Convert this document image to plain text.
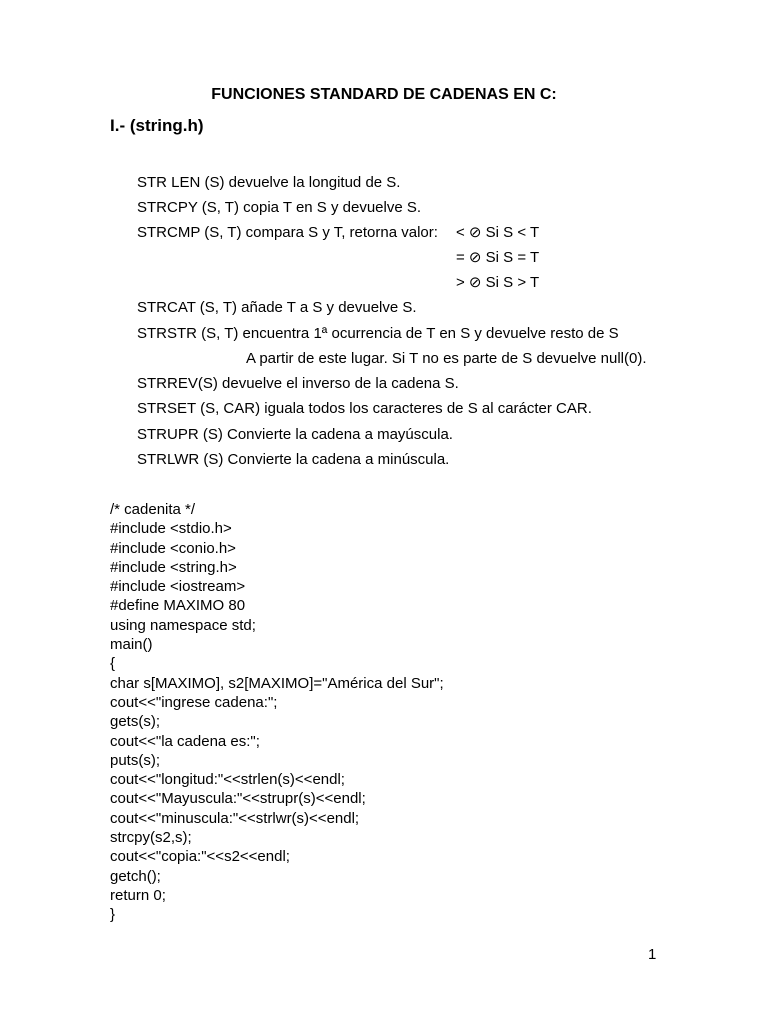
FUNCIONES STANDARD DE CADENAS EN C:
I.- (string.h)
STR LEN (S) devuelve la longitud de S.
STRCPY (S, T) copia T en S y devuelve S.
STRCMP (S, T) compara S y T, retorna valor: < ⊘ Si S < T
= ⊘ Si S = T
> ⊘ Si S > T
STRCAT (S, T) añade T a S y devuelve S.
STRSTR (S, T) encuentra 1ª ocurrencia de T en S y devuelve resto de S
A partir de este lugar. Si T no es parte de S devuelve null(0).
STRREV(S) devuelve el inverso de la cadena S.
STRSET (S, CAR) iguala todos los caracteres de S al carácter CAR.
STRUPR (S) Convierte la cadena a mayúscula.
STRLWR (S) Convierte la cadena a minúscula.
/* cadenita */
#include <stdio.h>
#include <conio.h>
#include <string.h>
#include <iostream>
#define MAXIMO 80
using namespace std;
main()
{
char s[MAXIMO], s2[MAXIMO]="América del Sur";
cout<<"ingrese cadena:";
gets(s);
cout<<"la cadena es:";
puts(s);
cout<<"longitud:"<<strlen(s)<<endl;
cout<<"Mayuscula:"<<strupr(s)<<endl;
cout<<"minuscula:"<<strlwr(s)<<endl;
strcpy(s2,s);
cout<<"copia:"<<s2<<endl;
getch();
return 0;
}
1
